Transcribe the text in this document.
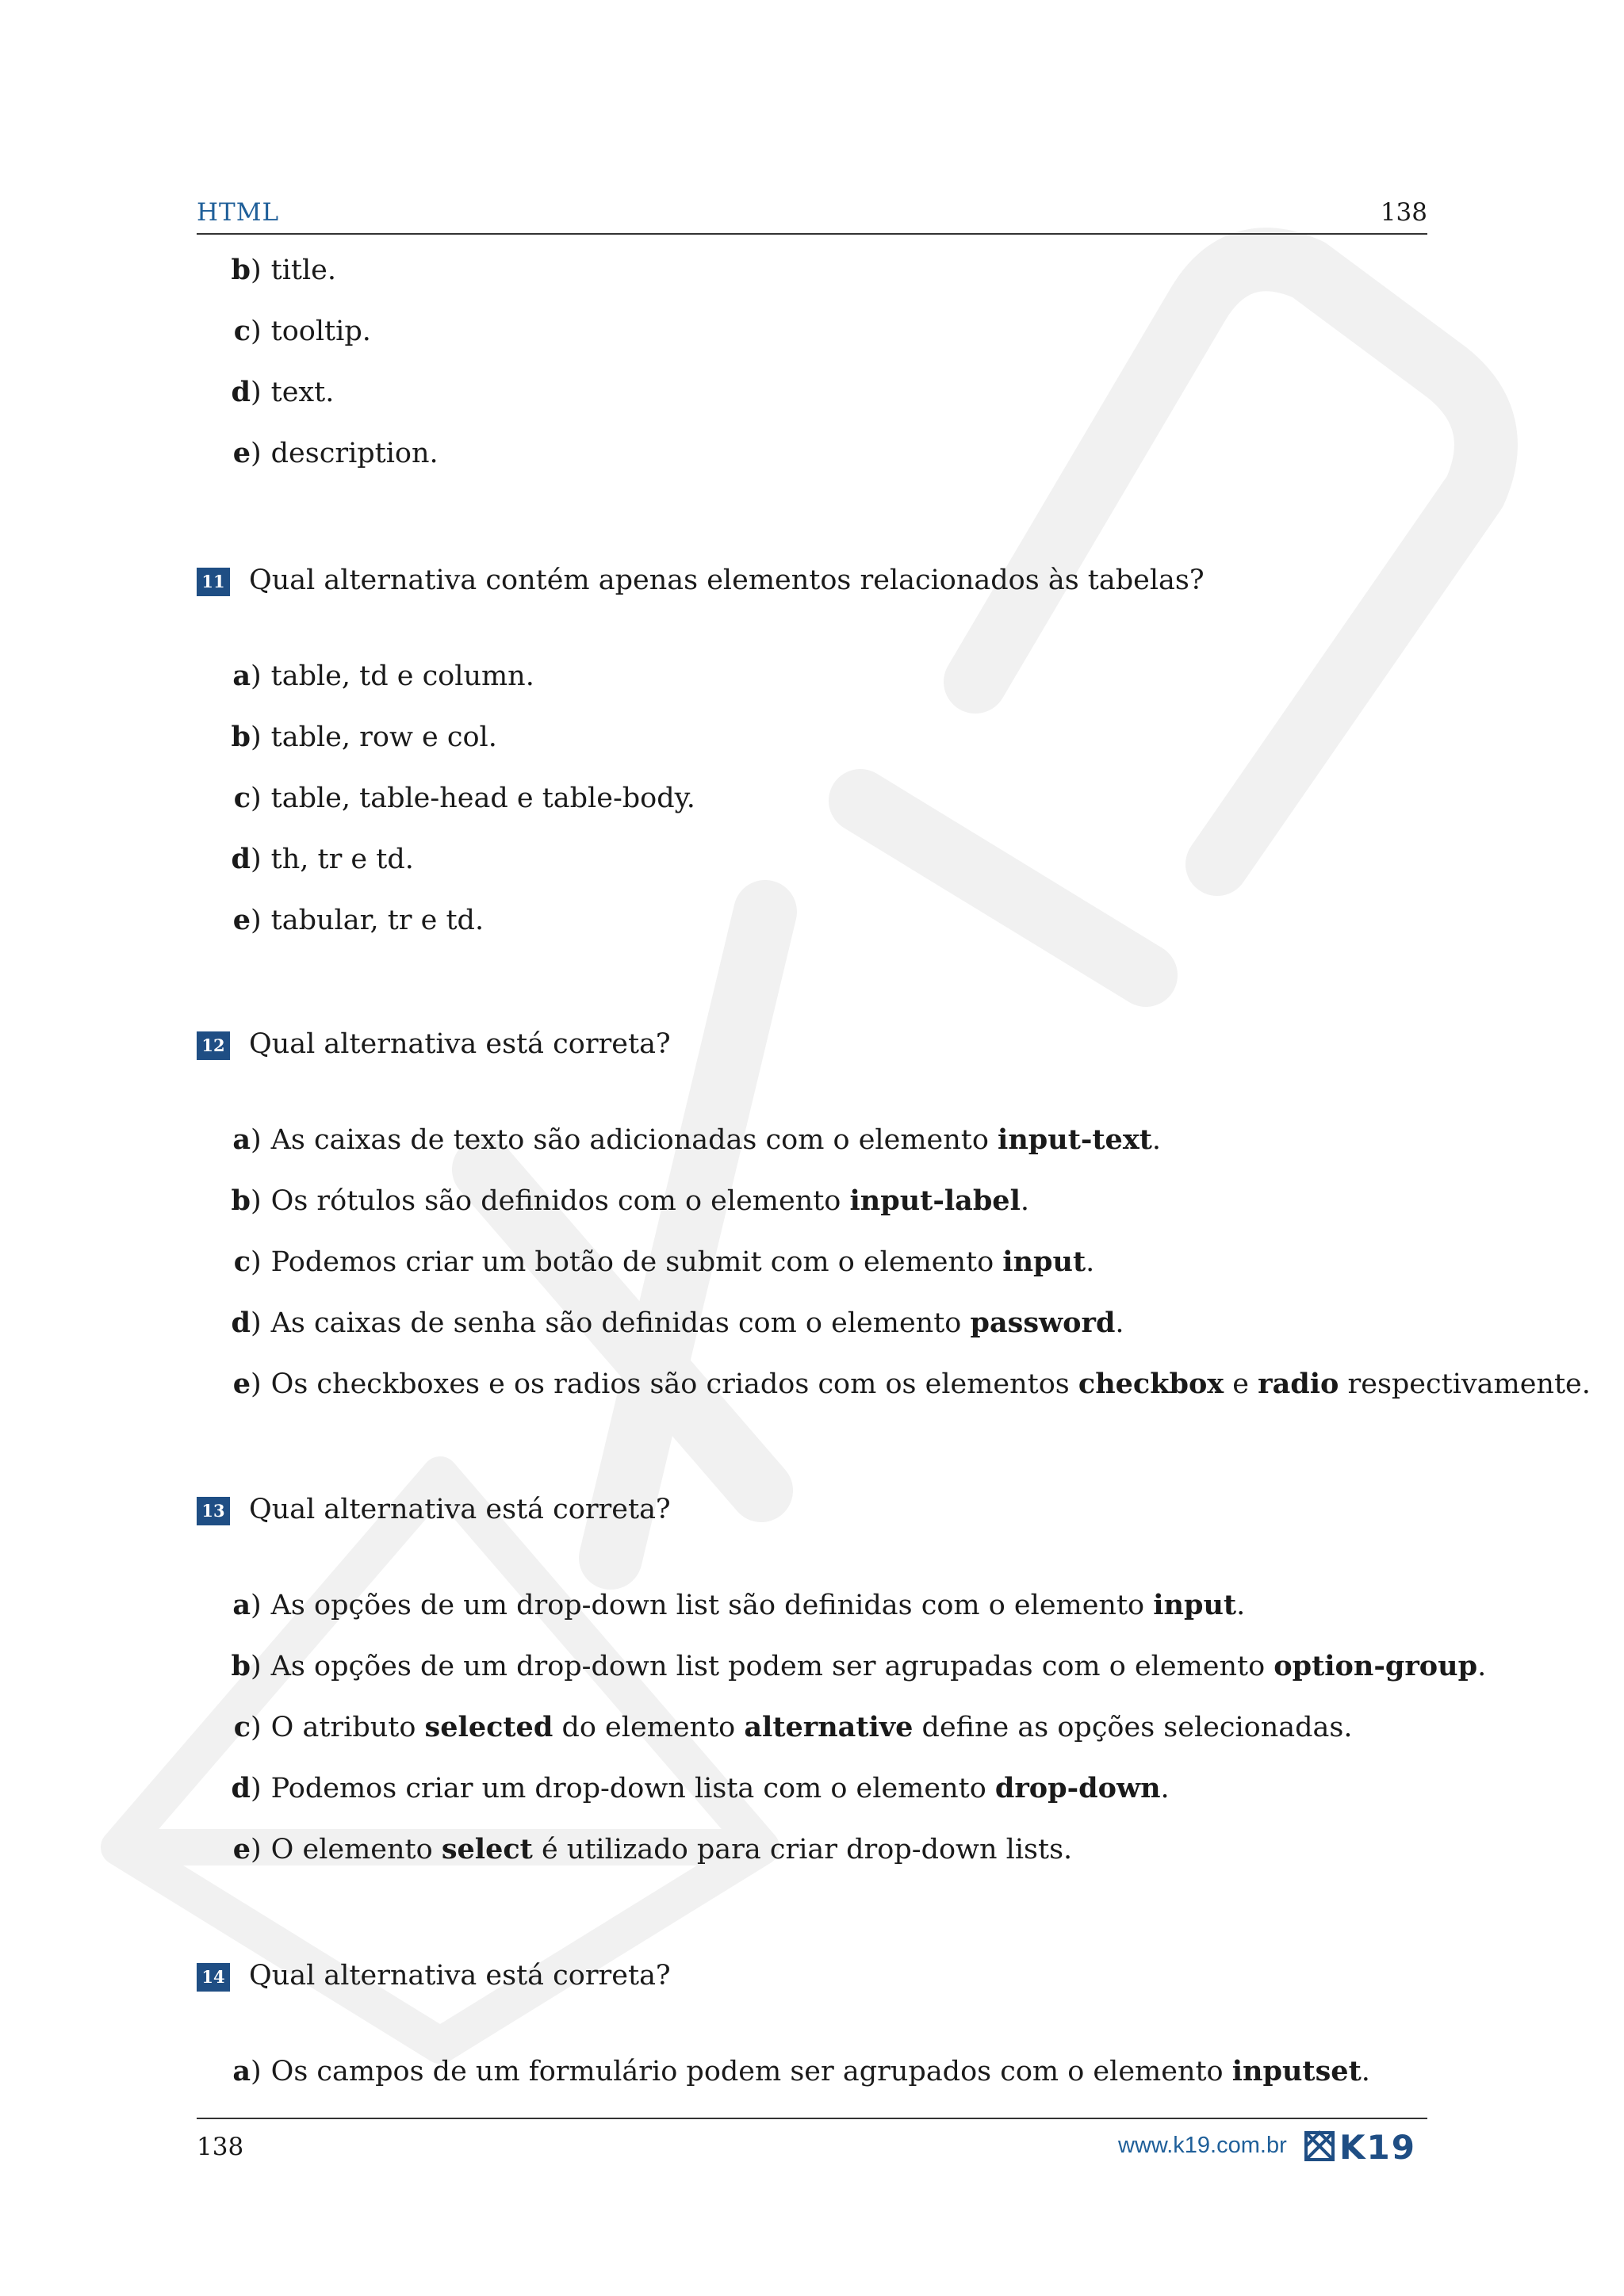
HTML	138
b) title.
c) tooltip.
d) text.
e) description.
11 Qual alternativa contém apenas elementos relacionados às tabelas?
a) table, td e column.
b) table, row e col.
c) table, table-head e table-body.
d) th, tr e td.
e) tabular, tr e td.
12 Qual alternativa está correta?
a) As caixas de texto são adicionadas com o elemento input-text.
b) Os rótulos são definidos com o elemento input-label.
c) Podemos criar um botão de submit com o elemento input.
d) As caixas de senha são definidas com o elemento password.
e) Os checkboxes e os radios são criados com os elementos checkbox e radio respectivamente.
13 Qual alternativa está correta?
a) As opções de um drop-down list são definidas com o elemento input.
b) As opções de um drop-down list podem ser agrupadas com o elemento option-group.
c) O atributo selected do elemento alternative define as opções selecionadas.
d) Podemos criar um drop-down lista com o elemento drop-down.
e) O elemento select é utilizado para criar drop-down lists.
14 Qual alternativa está correta?
a) Os campos de um formulário podem ser agrupados com o elemento inputset.
138	www.k19.com.br K19
